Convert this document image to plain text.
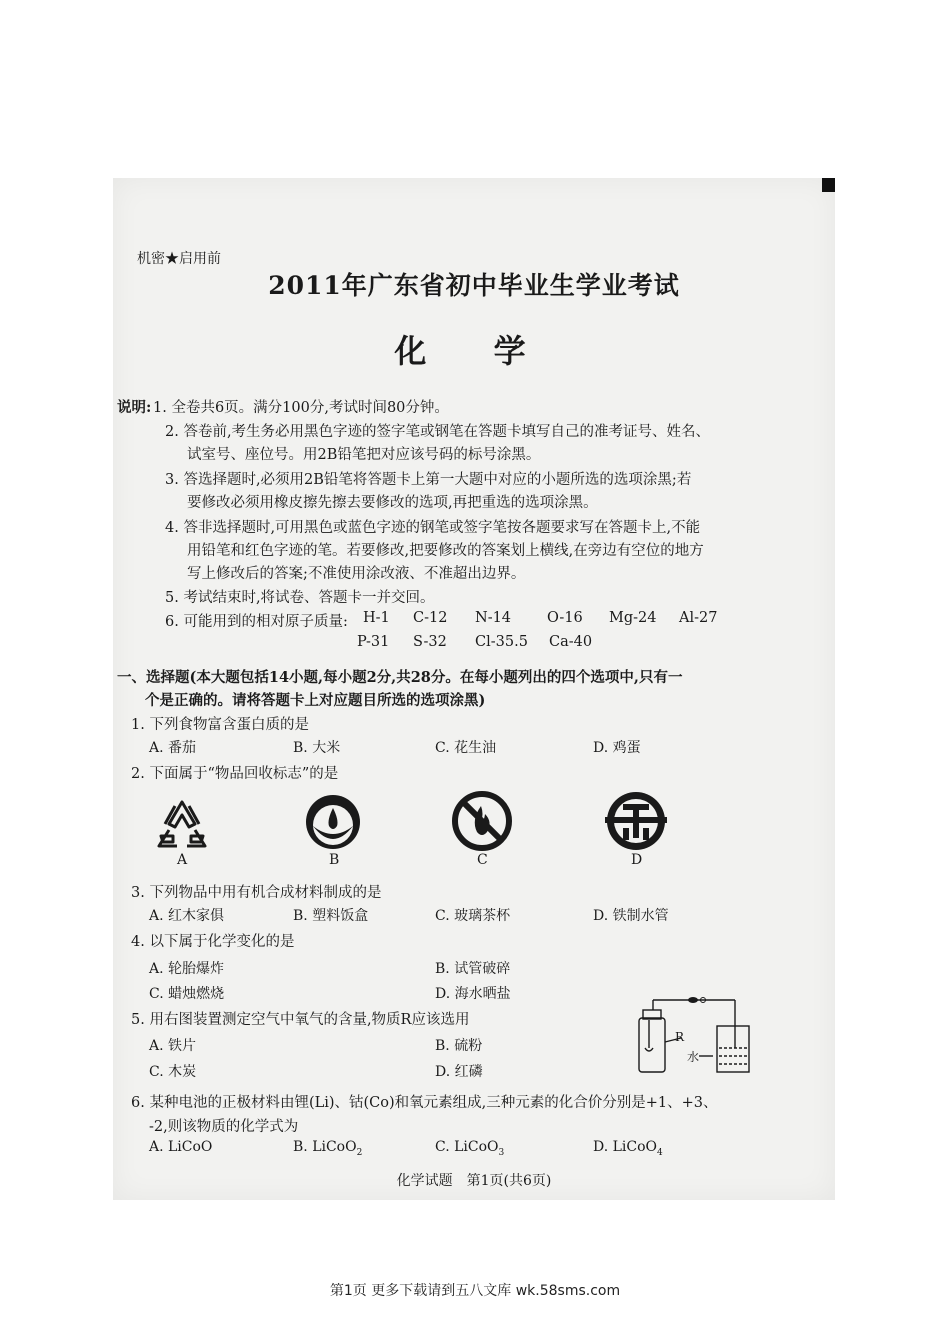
机密★启用前
2011年广东省初中毕业生学业考试
化 学
说明: 1. 全卷共6页。满分100分,考试时间80分钟。
2. 答卷前,考生务必用黑色字迹的签字笔或钢笔在答题卡填写自己的准考证号、姓名、
试室号、座位号。用2B铅笔把对应该号码的标号涂黑。
3. 答选择题时,必须用2B铅笔将答题卡上第一大题中对应的小题所选的选项涂黑;若
要修改必须用橡皮擦先擦去要修改的选项,再把重选的选项涂黑。
4. 答非选择题时,可用黑色或蓝色字迹的钢笔或签字笔按各题要求写在答题卡上,不能
用铅笔和红色字迹的笔。若要修改,把要修改的答案划上横线,在旁边有空位的地方
写上修改后的答案;不准使用涂改液、不准超出边界。
5. 考试结束时,将试卷、答题卡一并交回。
6. 可能用到的相对原子质量: H-1 C-12 N-14 O-16 Mg-24 Al-27
P-31 S-32 Cl-35.5 Ca-40
一、选择题(本大题包括14小题,每小题2分,共28分。在每小题列出的四个选项中,只有一
个是正确的。请将答题卡上对应题目所选的选项涂黑)
1. 下列食物富含蛋白质的是
A. 番茄	B. 大米	C. 花生油	D. 鸡蛋
2. 下面属于“物品回收标志”的是
A	B	C	D
3. 下列物品中用有机合成材料制成的是
A. 红木家俱	B. 塑料饭盒	C. 玻璃茶杯	D. 铁制水管
4. 以下属于化学变化的是
A. 轮胎爆炸	B. 试管破碎
C. 蜡烛燃烧	D. 海水晒盐
5. 用右图装置测定空气中氧气的含量,物质R应该选用
A. 铁片	B. 硫粉
C. 木炭	D. 红磷
R
水
6. 某种电池的正极材料由锂(Li)、钴(Co)和氧元素组成,三种元素的化合价分别是+1、+3、
-2,则该物质的化学式为
A. LiCoO	B. LiCoO$_2$	C. LiCoO$_3$	D. LiCoO$_4$
化学试题　第1页(共6页)
第1页 更多下载请到五八文库 wk.58sms.com
